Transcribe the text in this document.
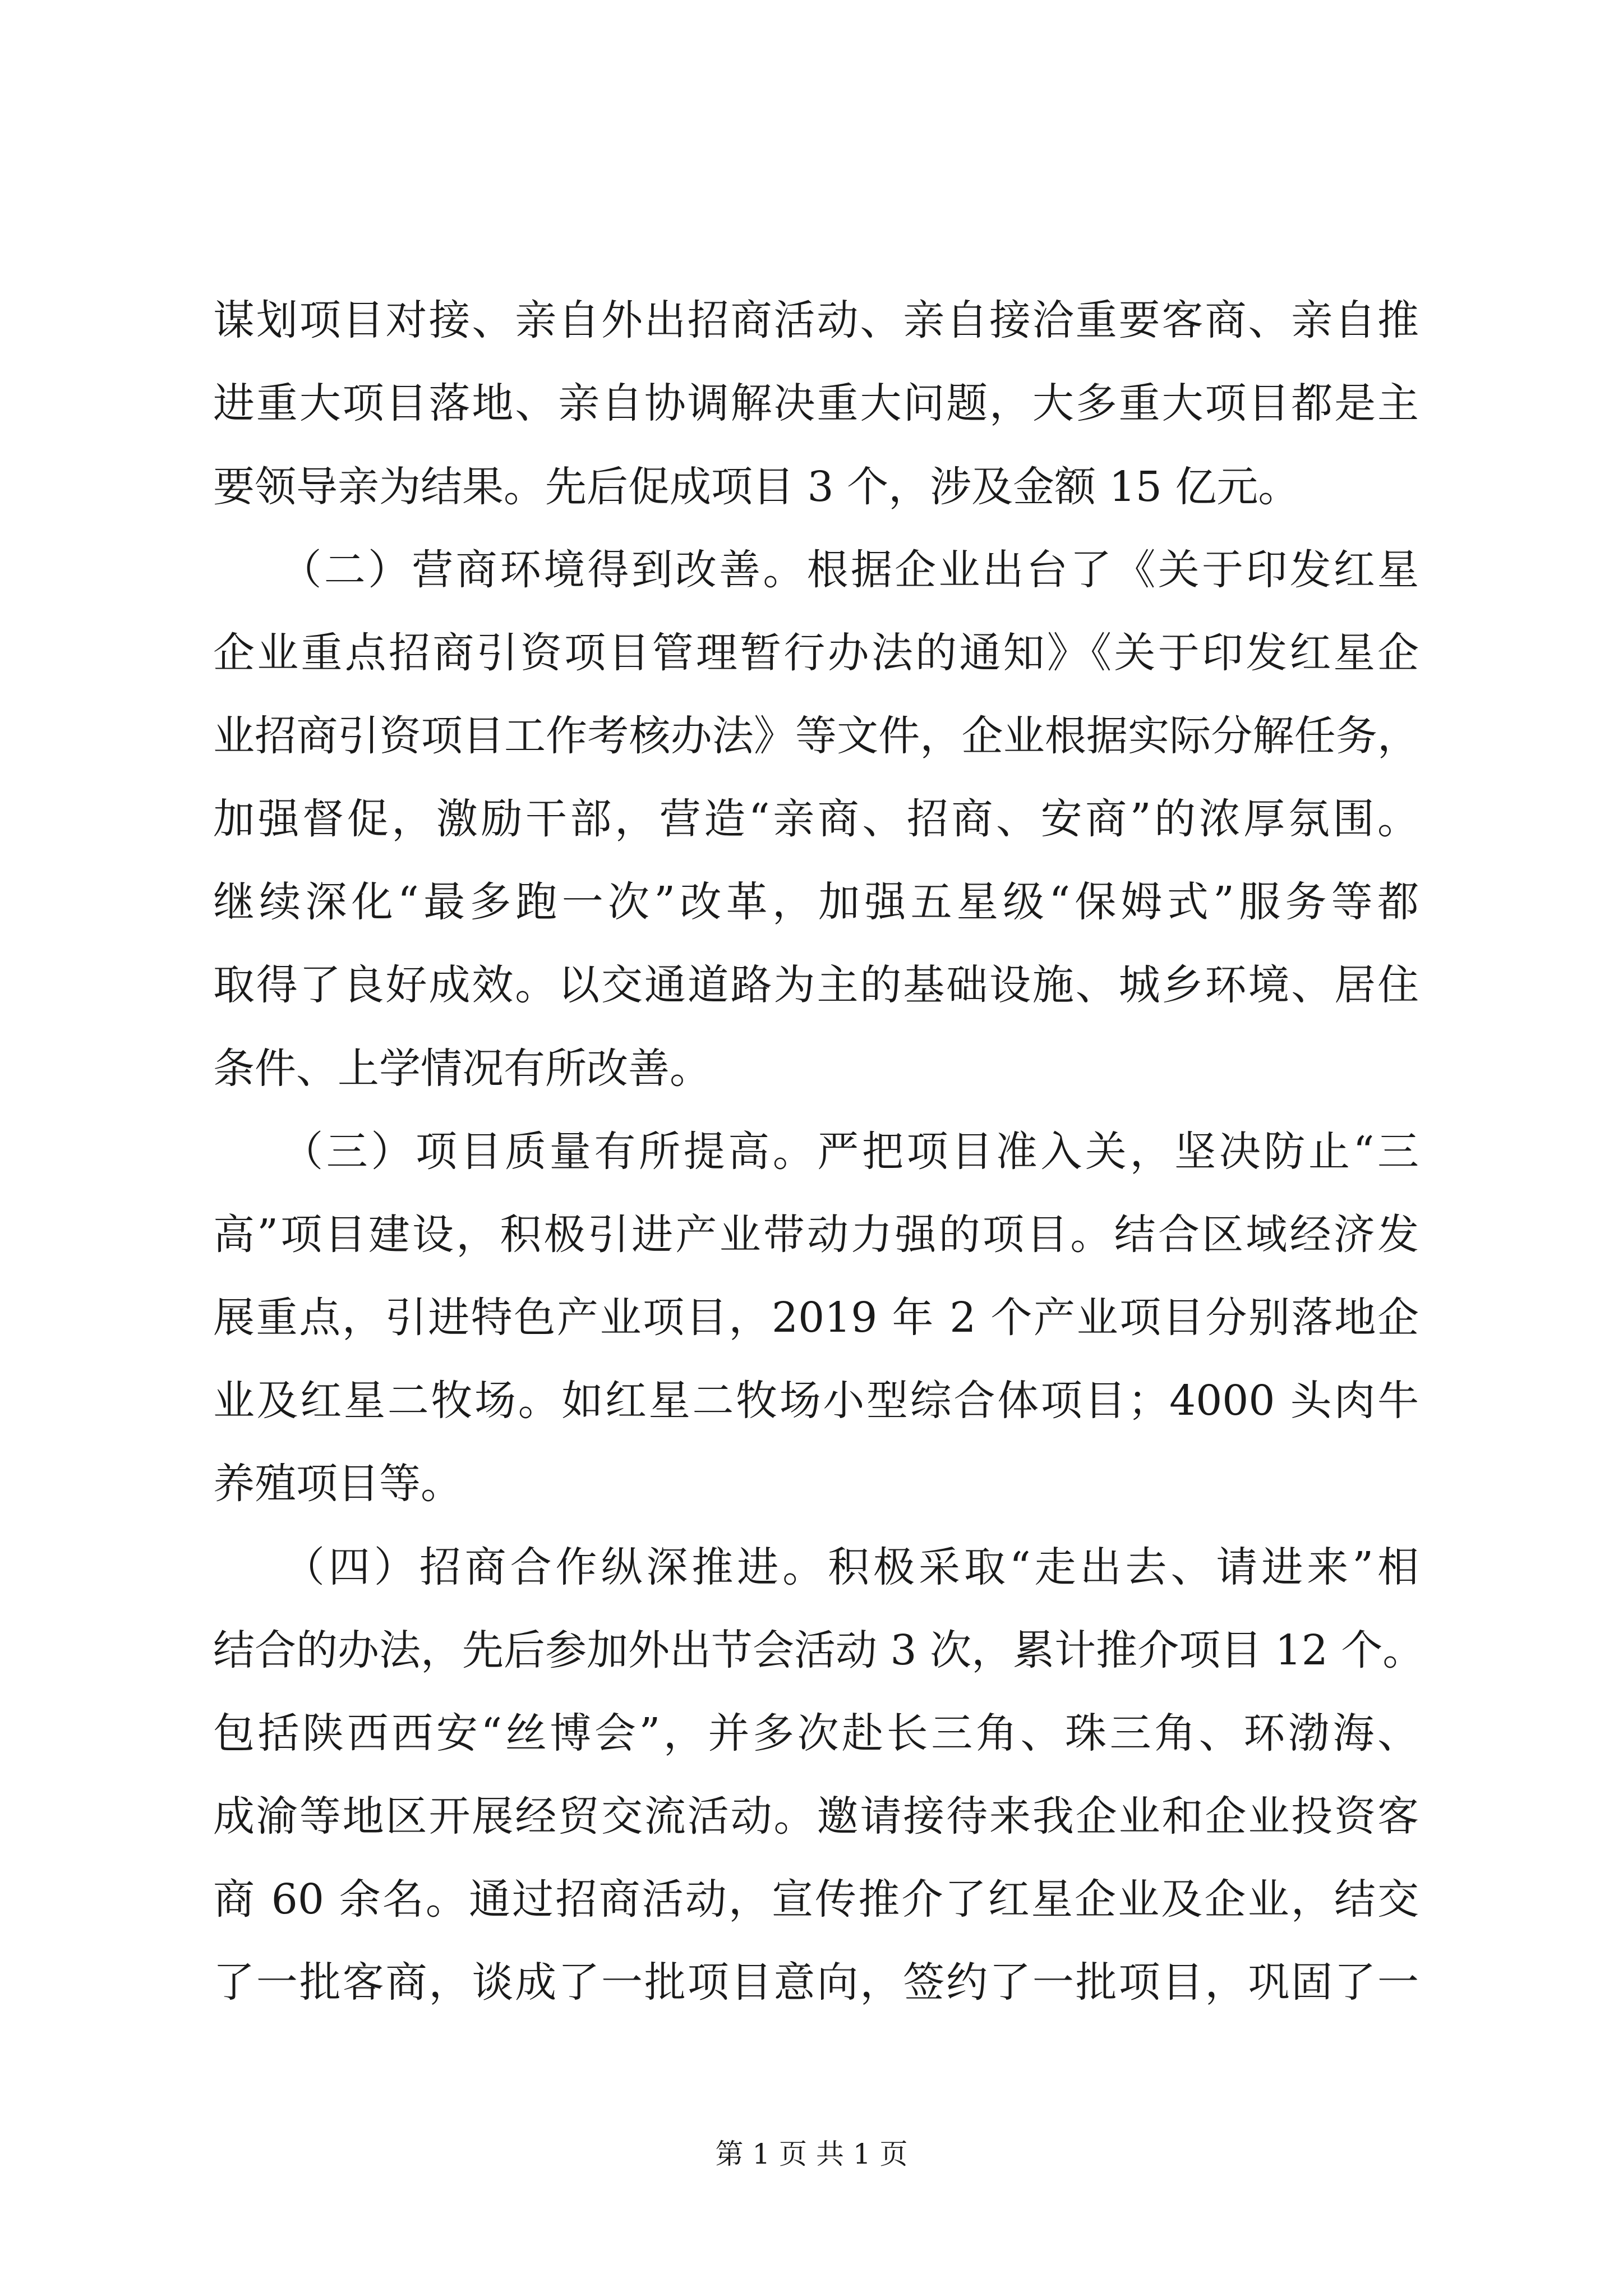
谋划项目对接、亲自外出招商活动、亲自接洽重要客商、亲自推
进重大项目落地、亲自协调解决重大问题，大多重大项目都是主
要领导亲为结果。先后促成项目 3 个，涉及金额 15 亿元。
　　（二）营商环境得到改善。根据企业出台了《关于印发红星
企业重点招商引资项目管理暂行办法的通知》《关于印发红星企
业招商引资项目工作考核办法》等文件，企业根据实际分解任务，
加强督促，激励干部，营造“亲商、招商、安商”的浓厚氛围。
继续深化“最多跑一次”改革，加强五星级“保姆式”服务等都
取得了良好成效。以交通道路为主的基础设施、城乡环境、居住
条件、上学情况有所改善。
　　（三）项目质量有所提高。严把项目准入关，坚决防止“三
高”项目建设，积极引进产业带动力强的项目。结合区域经济发
展重点，引进特色产业项目，2019 年 2 个产业项目分别落地企
业及红星二牧场。如红星二牧场小型综合体项目；4000 头肉牛
养殖项目等。
　　（四）招商合作纵深推进。积极采取“走出去、请进来”相
结合的办法，先后参加外出节会活动 3 次，累计推介项目 12 个。
包括陕西西安“丝博会”，并多次赴长三角、珠三角、环渤海、
成渝等地区开展经贸交流活动。邀请接待来我企业和企业投资客
商 60 余名。通过招商活动，宣传推介了红星企业及企业，结交
了一批客商，谈成了一批项目意向，签约了一批项目，巩固了一
第 1 页 共 1 页
